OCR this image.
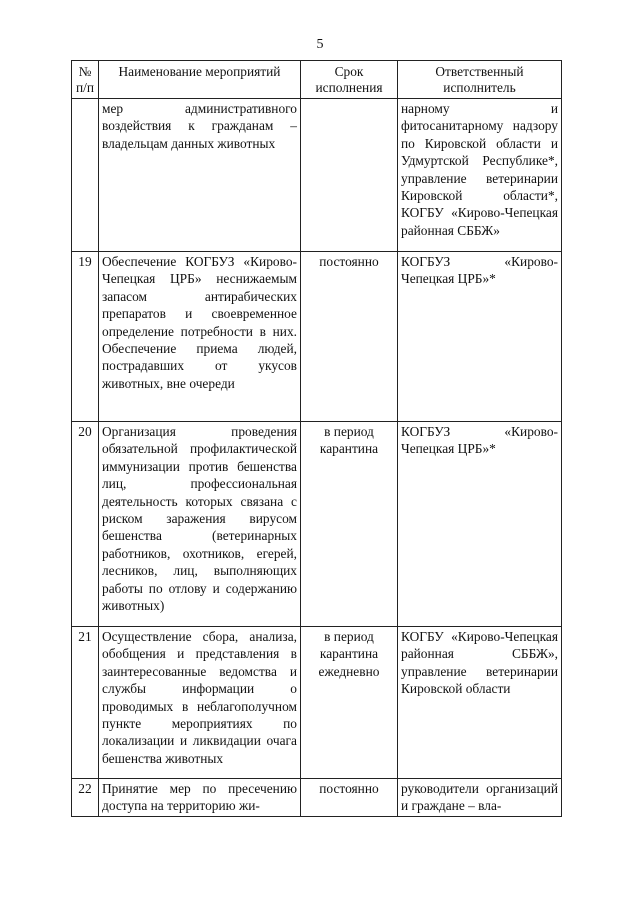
5
№ п/п	Наименование мероприятий	Срок исполнения	Ответственный исполнитель
	мер административного воздействия к гражданам – владельцам данных животных		нарному и фитосанитарному надзору по Кировской области и Удмуртской Республике*, управление ветеринарии Кировской области*, КОГБУ «Кирово-Чепецкая районная СББЖ»
19	Обеспечение КОГБУЗ «Кирово-Чепецкая ЦРБ» неснижаемым запасом антирабических препаратов и своевременное определение потребности в них. Обеспечение приема людей, пострадавших от укусов животных, вне очереди	постоянно	КОГБУЗ «Кирово-Чепецкая ЦРБ»*
20	Организация проведения обязательной профилактической иммунизации против бешенства лиц, профессиональная деятельность которых связана с риском заражения вирусом бешенства (ветеринарных работников, охотников, егерей, лесников, лиц, выполняющих работы по отлову и содержанию животных)	в период карантина	КОГБУЗ «Кирово-Чепецкая ЦРБ»*
21	Осуществление сбора, анализа, обобщения и представления в заинтересованные ведомства и службы информации о проводимых в неблагополучном пункте мероприятиях по локализации и ликвидации очага бешенства животных	в период карантина ежедневно	КОГБУ «Кирово-Чепецкая районная СББЖ», управление ветеринарии Кировской области
22	Принятие мер по пресечению доступа на территорию жи-	постоянно	руководители организаций и граждане – вла-
